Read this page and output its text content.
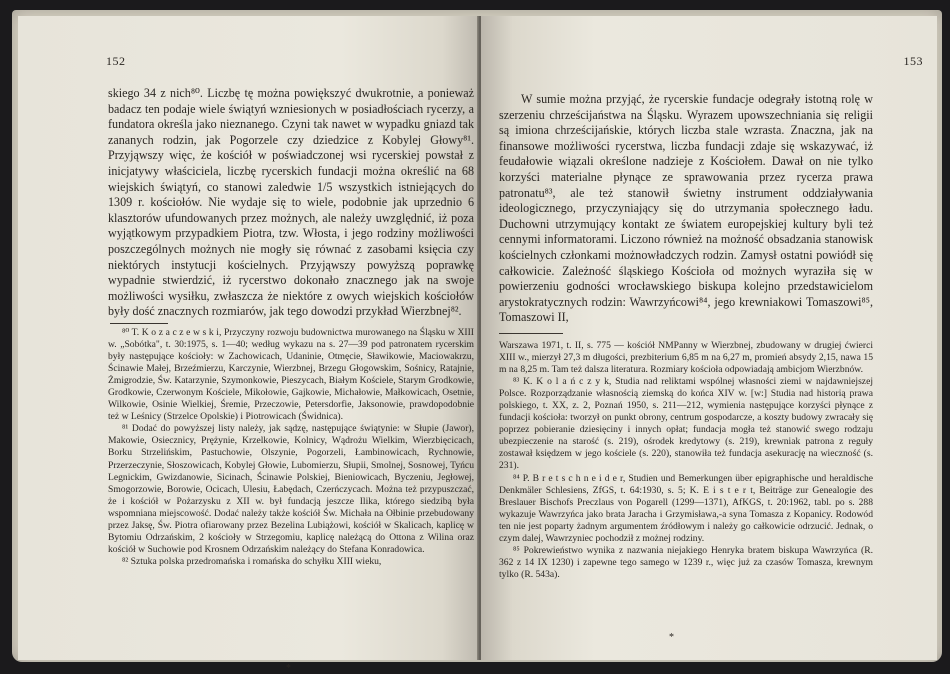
152
skiego 34 z nich⁸⁰. Liczbę tę można powiększyć dwukrotnie, a ponieważ badacz ten podaje wiele świątyń wzniesionych w posiadłościach rycerzy, a fundatora określa jako nieznanego. Czyni tak nawet w wypadku gniazd tak zananych rodzin, jak Pogorzele czy dziedzice z Kobylej Głowy⁸¹. Przyjąwszy więc, że kościół w poświadczonej wsi rycerskiej powstał z inicjatywy właściciela, liczbę rycerskich fundacji można określić na 68 wiejskich świątyń, co stanowi zaledwie 1/5 wszystkich istniejących do 1309 r. kościołów. Nie wydaje się to wiele, podobnie jak uprzednio 6 klasztorów ufundowanych przez możnych, ale należy uwzględnić, iż poza wyjątkowym przypadkiem Piotra, tzw. Włosta, i jego rodziny możliwości poszczególnych możnych nie mogły się równać z zasobami księcia czy niektórych instytucji kościelnych. Przyjąwszy powyższą poprawkę wypadnie stwierdzić, iż rycerstwo dokonało znacznego jak na swoje możliwości wysiłku, zwłaszcza że niektóre z owych wiejskich kościołów były dość znacznych rozmiarów, jak tego dowodzi przykład Wierzbnej⁸².

⁸⁰ T. K o z a c z e w s k i, Przyczyny rozwoju budownictwa murowanego na Śląsku w XIII w. „Sobótka", t. 30:1975, s. 1—40; według wykazu na s. 27—39 pod patronatem rycerskim były następujące kościoły: w Zachowicach, Udaninie, Otmęcie, Sławikowie, Maciowakrzu, Ścinawie Małej, Brzeźmierzu, Karczynie, Wierzbnej, Brzegu Głogowskim, Sośnicy, Ratajnie, Żmigrodzie, Św. Katarzynie, Szymonkowie, Pieszycach, Białym Kościele, Starym Grodkowie, Grodkowie, Czerwonym Kościele, Mikołowie, Gajkowie, Michałowie, Małkowicach, Osetnie, Wilkowie, Osinie Wielkiej, Śremie, Przeczowie, Petersdorfie, Jaksonowie, prawdopodobnie też w Leśnicy (Strzelce Opolskie) i Piotrowicach (Świdnica).

⁸¹ Dodać do powyższej listy należy, jak sądzę, następujące świątynie: w Słupie (Jawor), Makowie, Osiecznicy, Prężynie, Krzelkowie, Kolnicy, Wądrożu Wielkim, Wierzbięcicach, Borku Strzelińskim, Pastuchowie, Olszynie, Pogorzeli, Łambinowicach, Rychnowie, Przerzeczynie, Słoszowicach, Kobylej Głowie, Lubomierzu, Słupii, Smolnej, Sosnowej, Tyńcu Legnickim, Gwizdanowie, Sicinach, Ścinawie Polskiej, Bieniowicach, Byczeniu, Jegłowej, Smogorzowie, Borowie, Ocicach, Ulesiu, Łabędach, Czerńczycach. Można też przypuszczać, że i kościół w Pożarzysku z XII w. był fundacją jeszcze Ilika, którego siedzibą była wspomniana miejscowość. Dodać należy także kościół Św. Michała na Ołbinie przebudowany przez Jaksę, Św. Piotra ofiarowany przez Bezelina Lubiążowi, kościół w Skalicach, kaplicę w Bytomiu Odrzańskim, 2 kościoły w Strzegomiu, kaplicę należącą do Ottona z Wilina oraz kościół w Suchowie pod Krosnem Odrzańskim należący do Stefana Konradowica.

⁸² Sztuka polska przedromańska i romańska do schyłku XIII wieku,

*
153
W sumie można przyjąć, że rycerskie fundacje odegrały istotną rolę w szerzeniu chrześcijaństwa na Śląsku. Wyrazem upowszechniania się religii są imiona chrześcijańskie, których liczba stale wzrasta. Znaczna, jak na finansowe możliwości rycerstwa, liczba fundacji zdaje się wskazywać, iż feudałowie wiązali określone nadzieje z Kościołem. Dawał on nie tylko korzyści materialne płynące ze sprawowania przez rycerza prawa patronatu⁸³, ale też stanowił świetny instrument oddziaływania ideologicznego, przyczyniający się do utrzymania społecznego ładu. Duchowni utrzymujący kontakt ze światem europejskiej kultury byli też cennymi informatorami. Liczono również na możność obsadzania stanowisk kościelnych członkami możnowładczych rodzin. Zamysł ostatni powiódł się całkowicie. Zależność śląskiego Kościoła od możnych wyraziła się w powierzeniu godności wrocławskiego biskupa kolejno przedstawicielom arystokratycznych rodzin: Wawrzyńcowi⁸⁴, jego krewniakowi Tomaszowi⁸⁵, Tomaszowi II,

Warszawa 1971, t. II, s. 775 — kościół NMPanny w Wierzbnej, zbudowany w drugiej ćwierci XIII w., mierzył 27,3 m długości, prezbiterium 6,85 m na 6,27 m, promień absydy 2,15, nawa 15 m na 8,25 m. Tam też dalsza literatura. Rozmiary kościoła odpowiadają ambicjom Wierzbnów.

⁸³ K. K o l a ń c z y k, Studia nad reliktami wspólnej własności ziemi w najdawniejszej Polsce. Rozporządzanie własnością ziemską do końca XIV w. [w:] Studia nad historią prawa polskiego, t. XX, z. 2, Poznań 1950, s. 211—212, wymienia następujące korzyści płynące z fundacji kościoła: tworzył on punkt obrony, centrum gospodarcze, a koszty budowy zwracały się poprzez pobieranie dziesięciny i innych opłat; fundacja mogła też stanowić swego rodzaju ubezpieczenie na starość (s. 219), ośrodek kredytowy (s. 219), krewniak patrona z reguły zostawał księdzem w jego kościele (s. 220), stanowiła też fundacja asekurację na wieczność (s. 231).

⁸⁴ P. B r e t s c h n e i d e r, Studien und Bemerkungen über epigraphische und heraldische Denkmäler Schlesiens, ZfGS, t. 64:1930, s. 5; K. E i s t e r t, Beiträge zur Genealogie des Breslauer Bischofs Preczlaus von Pogarell (1299—1371), AfKGS, t. 20:1962, tabl. po s. 288 wykazuje Wawrzyńca jako brata Jaracha i Grzymisława,-a syna Tomasza z Kopanicy. Rodowód ten nie jest poparty żadnym argumentem źródłowym i należy go całkowicie odrzucić. Jednak, o czym dalej, Wawrzyniec pochodził z możnej rodziny.

⁸⁵ Pokrewieństwo wynika z nazwania niejakiego Henryka bratem biskupa Wawrzyńca (R. 362 z 14 IX 1230) i zapewne tego samego w 1239 r., więc już za czasów Tomasza, krewnym tylko (R. 543a).

*
